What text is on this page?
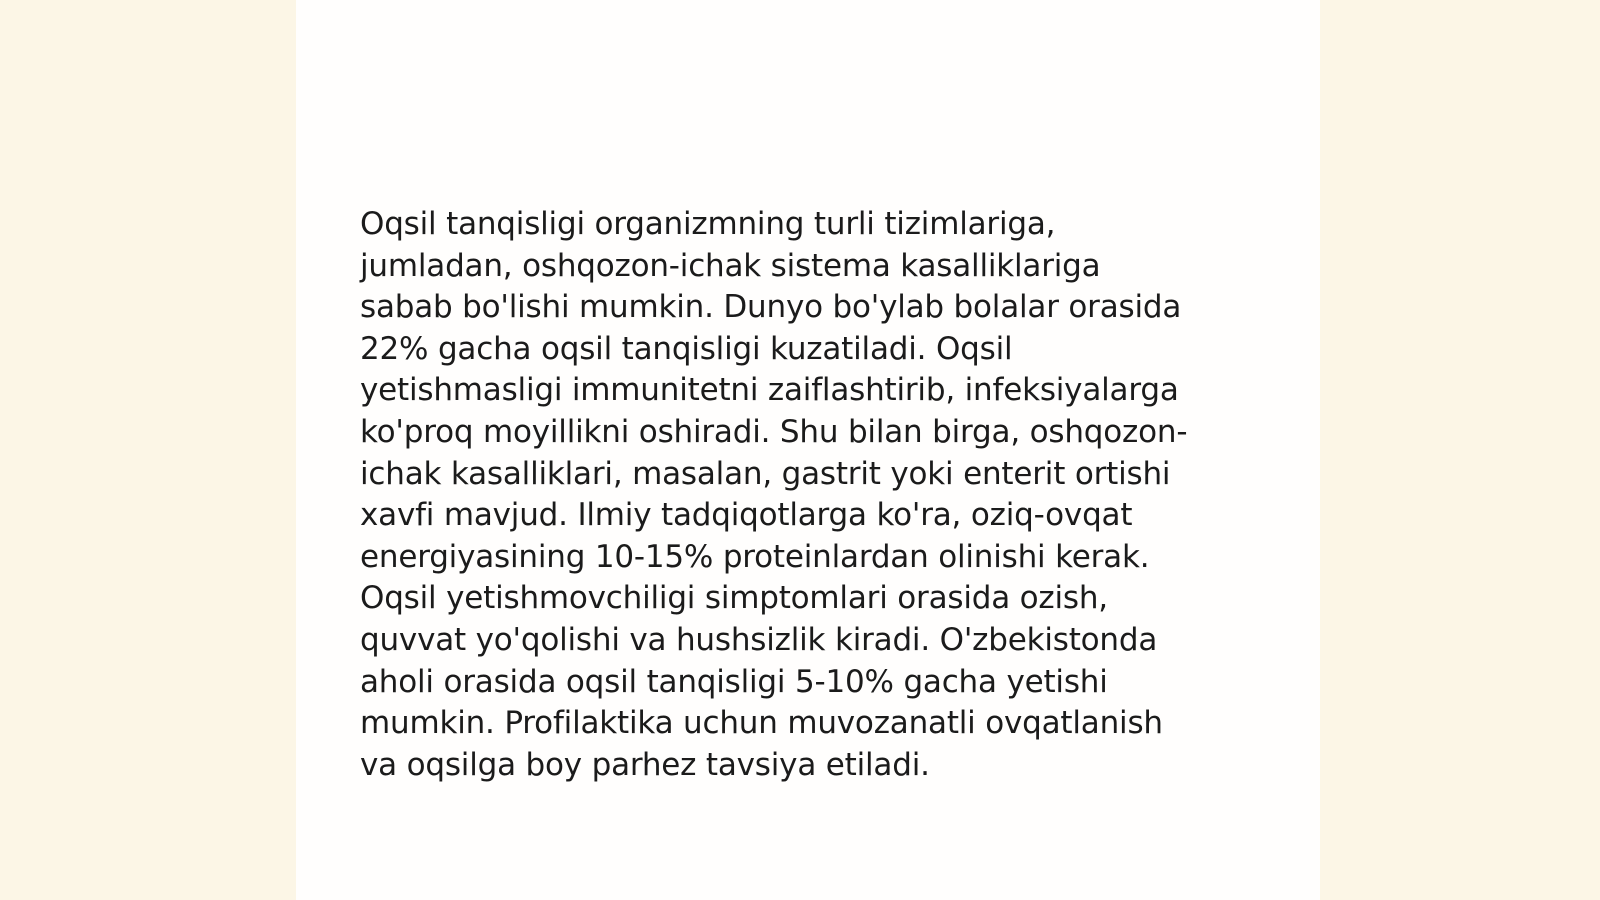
Oqsil tanqisligi organizmning turli tizimlariga,
jumladan, oshqozon-ichak sistema kasalliklariga
sabab bo'lishi mumkin. Dunyo bo'ylab bolalar orasida
22% gacha oqsil tanqisligi kuzatiladi. Oqsil
yetishmasligi immunitetni zaiflashtirib, infeksiyalarga
ko'proq moyillikni oshiradi. Shu bilan birga, oshqozon-
ichak kasalliklari, masalan, gastrit yoki enterit ortishi
xavfi mavjud. Ilmiy tadqiqotlarga ko'ra, oziq-ovqat
energiyasining 10-15% proteinlardan olinishi kerak.
Oqsil yetishmovchiligi simptomlari orasida ozish,
quvvat yo'qolishi va hushsizlik kiradi. O'zbekistonda
aholi orasida oqsil tanqisligi 5-10% gacha yetishi
mumkin. Profilaktika uchun muvozanatli ovqatlanish
va oqsilga boy parhez tavsiya etiladi.
